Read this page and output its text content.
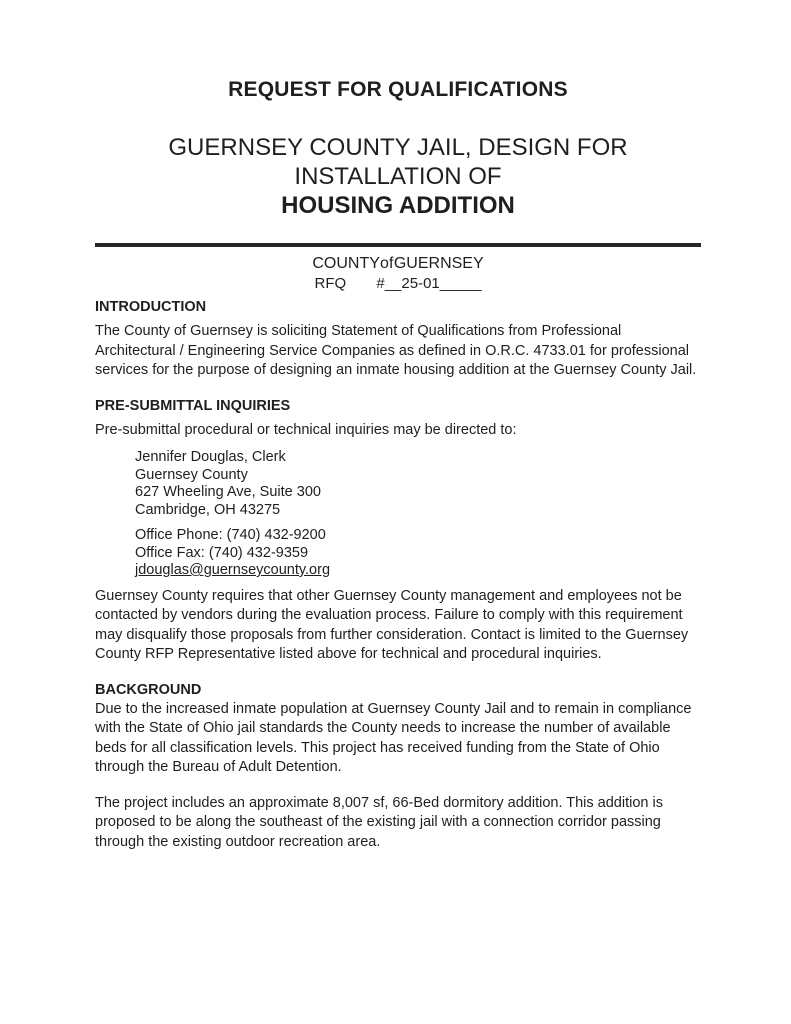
REQUEST FOR QUALIFICATIONS
GUERNSEY COUNTY JAIL, DESIGN FOR INSTALLATION OF
HOUSING ADDITION
COUNTY of GUERNSEY
RFQ #__25-01_____
INTRODUCTION

The County of Guernsey is soliciting Statement of Qualifications from Professional Architectural / Engineering Service Companies as defined in O.R.C. 4733.01 for professional services for the purpose of designing an inmate housing addition at the Guernsey County Jail.

PRE-SUBMITTAL INQUIRIES

Pre-submittal procedural or technical inquiries may be directed to:

Jennifer Douglas, Clerk
Guernsey County
627 Wheeling Ave, Suite 300
Cambridge, OH 43275
Office Phone: (740) 432-9200
Office Fax: (740) 432-9359
jdouglas@guernseycounty.org

Guernsey County requires that other Guernsey County management and employees not be contacted by vendors during the evaluation process. Failure to comply with this requirement may disqualify those proposals from further consideration. Contact is limited to the Guernsey County RFP Representative listed above for technical and procedural inquiries.

BACKGROUND

Due to the increased inmate population at Guernsey County Jail and to remain in compliance with the State of Ohio jail standards the County needs to increase the number of available beds for all classification levels. This project has received funding from the State of Ohio through the Bureau of Adult Detention.

The project includes an approximate 8,007 sf, 66-Bed dormitory addition. This addition is proposed to be along the southeast of the existing jail with a connection corridor passing through the existing outdoor recreation area.
